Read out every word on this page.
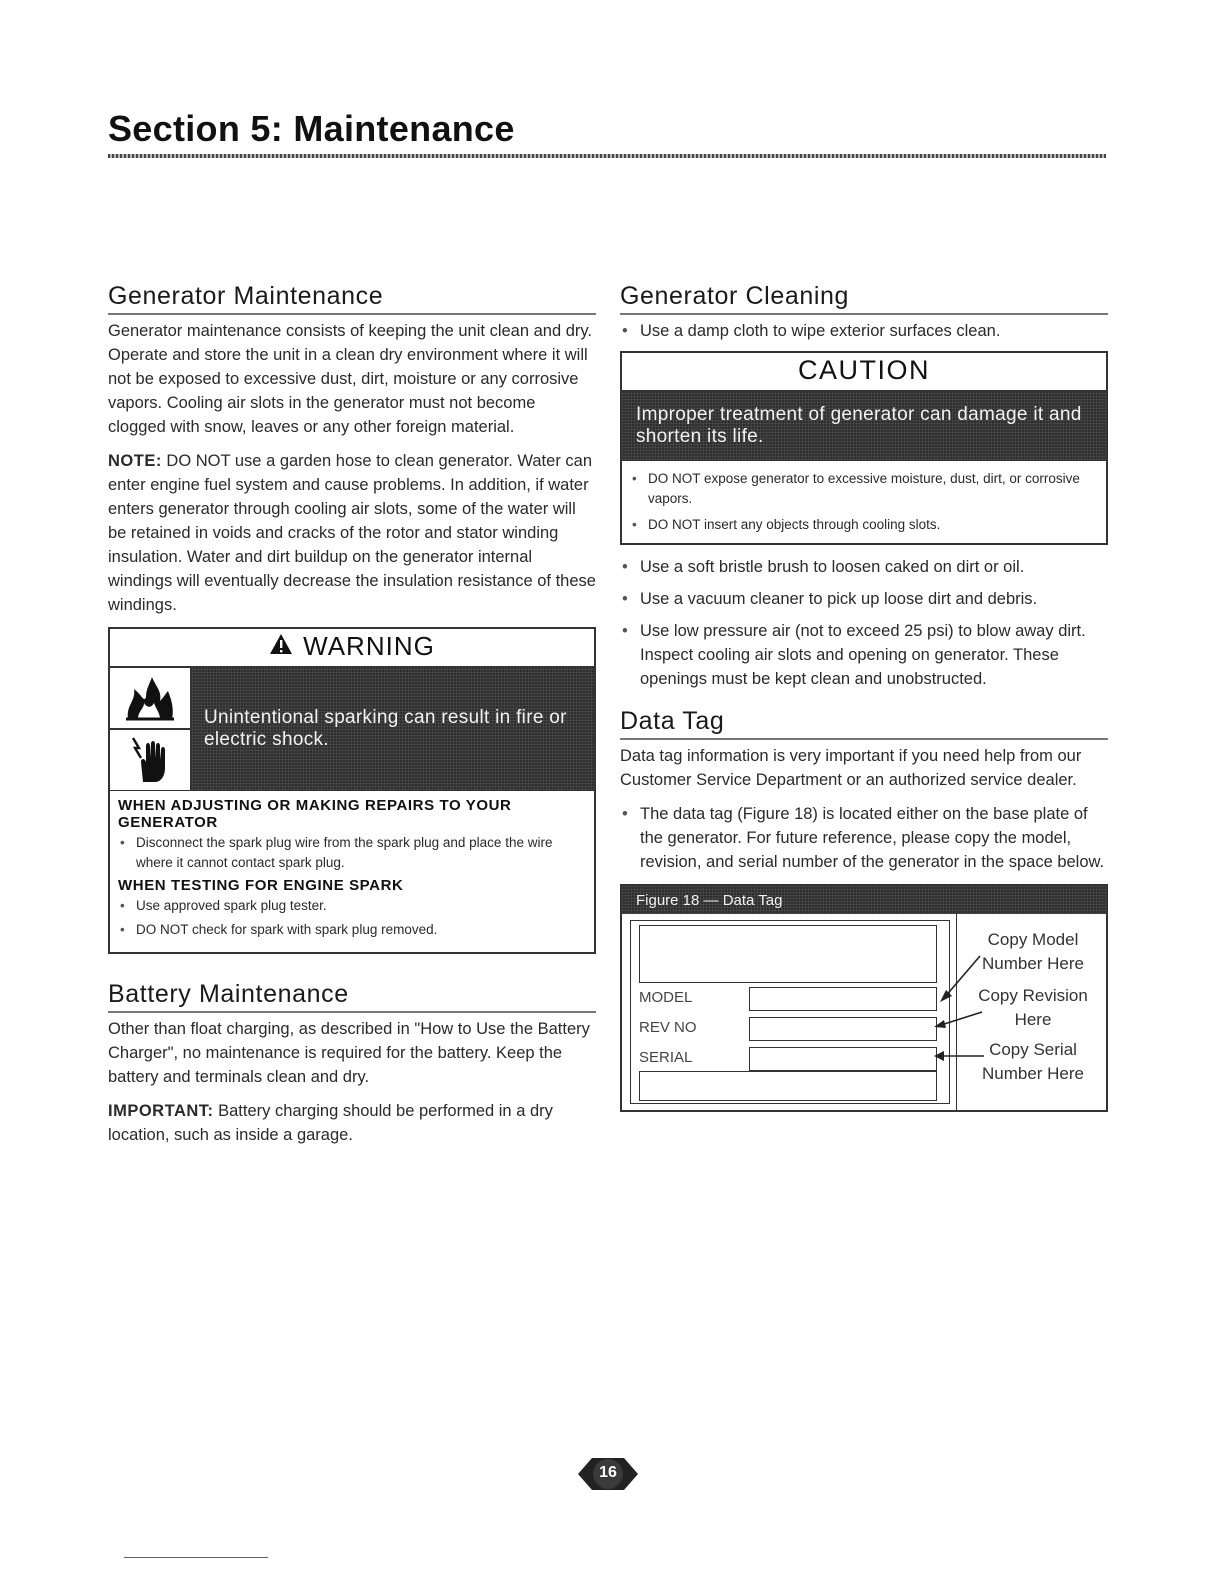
Section 5: Maintenance
Generator Maintenance

Generator maintenance consists of keeping the unit clean and dry. Operate and store the unit in a clean dry environment where it will not be exposed to excessive dust, dirt, moisture or any corrosive vapors. Cooling air slots in the generator must not become clogged with snow, leaves or any other foreign material.

NOTE: DO NOT use a garden hose to clean generator. Water can enter engine fuel system and cause problems. In addition, if water enters generator through cooling air slots, some of the water will be retained in voids and cracks of the rotor and stator winding insulation. Water and dirt buildup on the generator internal windings will eventually decrease the insulation resistance of these windings.

WARNING
Unintentional sparking can result in fire or electric shock.
WHEN ADJUSTING OR MAKING REPAIRS TO YOUR GENERATOR
• Disconnect the spark plug wire from the spark plug and place the wire where it cannot contact spark plug.
WHEN TESTING FOR ENGINE SPARK
• Use approved spark plug tester.
• DO NOT check for spark with spark plug removed.
Battery Maintenance

Other than float charging, as described in "How to Use the Battery Charger", no maintenance is required for the battery. Keep the battery and terminals clean and dry.

IMPORTANT: Battery charging should be performed in a dry location, such as inside a garage.

Generator Cleaning
• Use a damp cloth to wipe exterior surfaces clean.
CAUTION
Improper treatment of generator can damage it and shorten its life.
• DO NOT expose generator to excessive moisture, dust, dirt, or corrosive vapors.
• DO NOT insert any objects through cooling slots.
• Use a soft bristle brush to loosen caked on dirt or oil.
• Use a vacuum cleaner to pick up loose dirt and debris.
• Use low pressure air (not to exceed 25 psi) to blow away dirt. Inspect cooling air slots and opening on generator. These openings must be kept clean and unobstructed.
Data Tag

Data tag information is very important if you need help from our Customer Service Department or an authorized service dealer.

• The data tag (Figure 18) is located either on the base plate of the generator. For future reference, please copy the model, revision, and serial number of the generator in the space below.
Figure 18 — Data Tag
MODEL
REV NO
SERIAL
Copy Model Number Here
Copy Revision Here
Copy Serial Number Here
16
